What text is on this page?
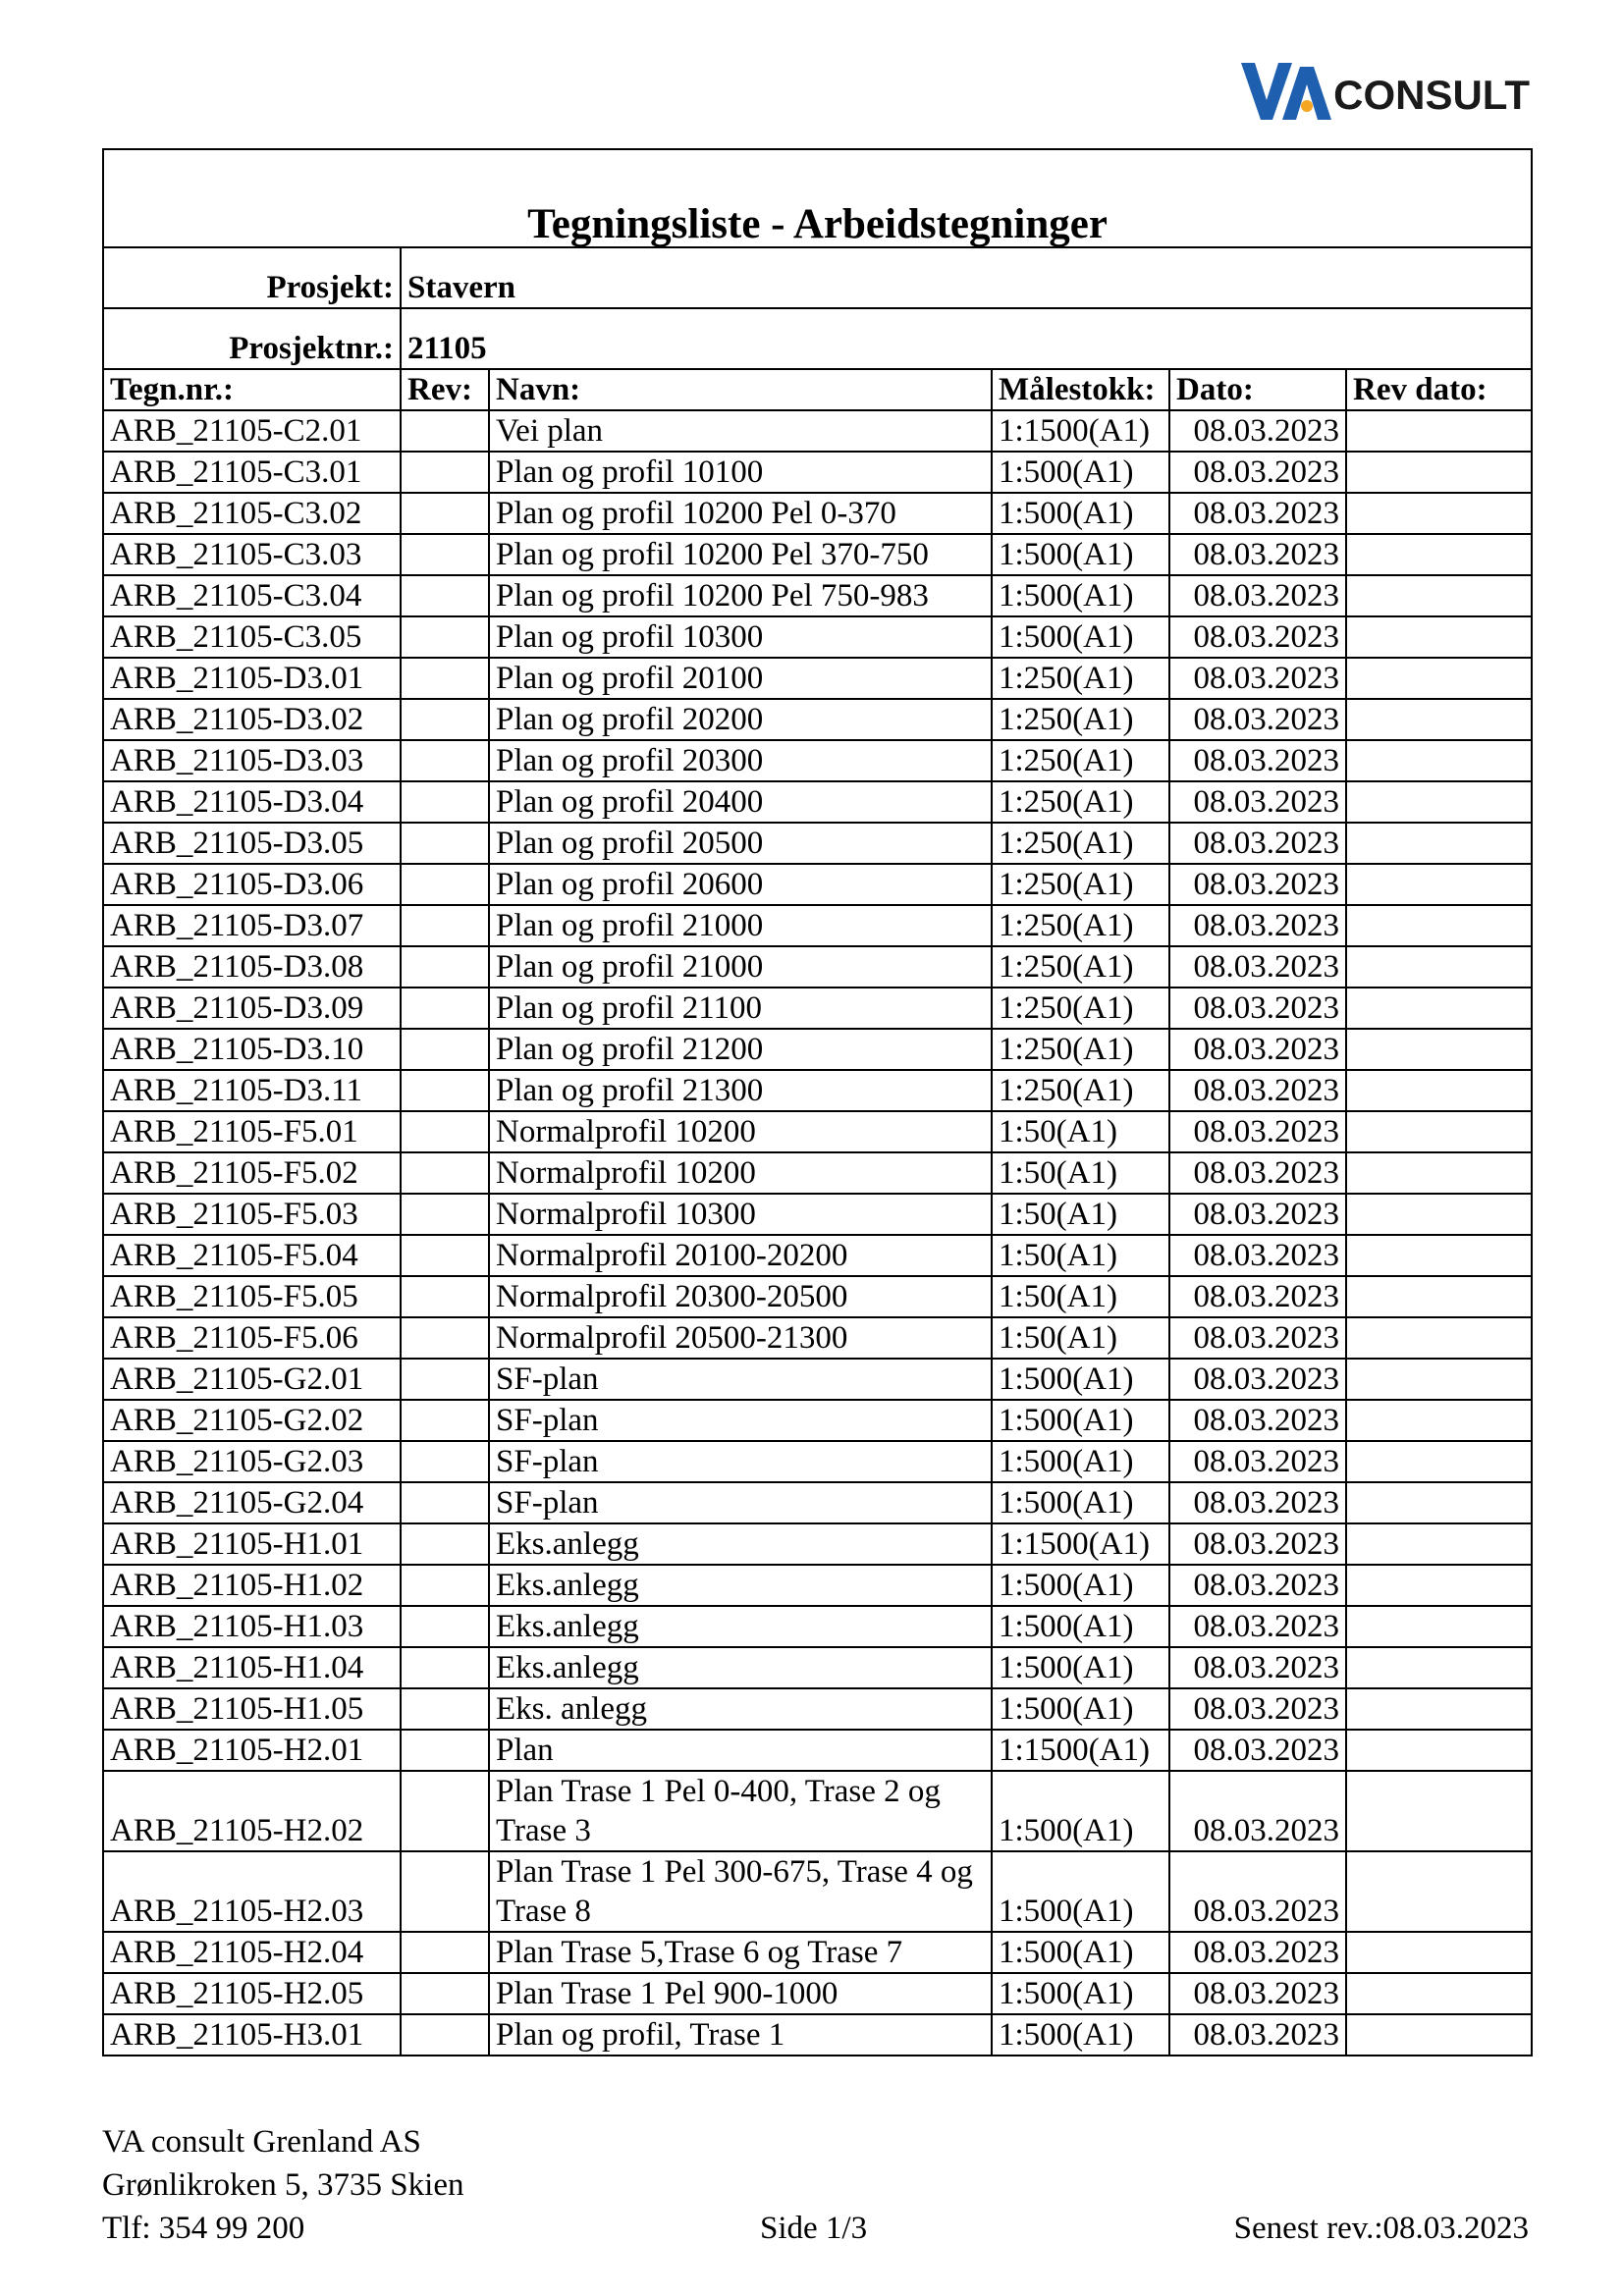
CONSULT
Tegningsliste - Arbeidstegninger					
Prosjekt:	Stavern				
Prosjektnr.:	21105				
Tegn.nr.:	Rev:	Navn:	Målestokk:	Dato:	Rev dato:
ARB_21105-C2.01		Vei plan	1:1500(A1)	08.03.2023	
ARB_21105-C3.01		Plan og profil 10100	1:500(A1)	08.03.2023	
ARB_21105-C3.02		Plan og profil 10200 Pel 0-370	1:500(A1)	08.03.2023	
ARB_21105-C3.03		Plan og profil 10200 Pel 370-750	1:500(A1)	08.03.2023	
ARB_21105-C3.04		Plan og profil 10200 Pel 750-983	1:500(A1)	08.03.2023	
ARB_21105-C3.05		Plan og profil 10300	1:500(A1)	08.03.2023	
ARB_21105-D3.01		Plan og profil 20100	1:250(A1)	08.03.2023	
ARB_21105-D3.02		Plan og profil 20200	1:250(A1)	08.03.2023	
ARB_21105-D3.03		Plan og profil 20300	1:250(A1)	08.03.2023	
ARB_21105-D3.04		Plan og profil 20400	1:250(A1)	08.03.2023	
ARB_21105-D3.05		Plan og profil 20500	1:250(A1)	08.03.2023	
ARB_21105-D3.06		Plan og profil 20600	1:250(A1)	08.03.2023	
ARB_21105-D3.07		Plan og profil 21000	1:250(A1)	08.03.2023	
ARB_21105-D3.08		Plan og profil 21000	1:250(A1)	08.03.2023	
ARB_21105-D3.09		Plan og profil 21100	1:250(A1)	08.03.2023	
ARB_21105-D3.10		Plan og profil 21200	1:250(A1)	08.03.2023	
ARB_21105-D3.11		Plan og profil 21300	1:250(A1)	08.03.2023	
ARB_21105-F5.01		Normalprofil 10200	1:50(A1)	08.03.2023	
ARB_21105-F5.02		Normalprofil 10200	1:50(A1)	08.03.2023	
ARB_21105-F5.03		Normalprofil 10300	1:50(A1)	08.03.2023	
ARB_21105-F5.04		Normalprofil 20100-20200	1:50(A1)	08.03.2023	
ARB_21105-F5.05		Normalprofil 20300-20500	1:50(A1)	08.03.2023	
ARB_21105-F5.06		Normalprofil 20500-21300	1:50(A1)	08.03.2023	
ARB_21105-G2.01		SF-plan	1:500(A1)	08.03.2023	
ARB_21105-G2.02		SF-plan	1:500(A1)	08.03.2023	
ARB_21105-G2.03		SF-plan	1:500(A1)	08.03.2023	
ARB_21105-G2.04		SF-plan	1:500(A1)	08.03.2023	
ARB_21105-H1.01		Eks.anlegg	1:1500(A1)	08.03.2023	
ARB_21105-H1.02		Eks.anlegg	1:500(A1)	08.03.2023	
ARB_21105-H1.03		Eks.anlegg	1:500(A1)	08.03.2023	
ARB_21105-H1.04		Eks.anlegg	1:500(A1)	08.03.2023	
ARB_21105-H1.05		Eks. anlegg	1:500(A1)	08.03.2023	
ARB_21105-H2.01		Plan	1:1500(A1)	08.03.2023	
ARB_21105-H2.02		Plan Trase 1 Pel 0-400, Trase 2 og Trase 3	1:500(A1)	08.03.2023	
ARB_21105-H2.03		Plan Trase 1 Pel 300-675, Trase 4 og Trase 8	1:500(A1)	08.03.2023	
ARB_21105-H2.04		Plan Trase 5,Trase 6 og Trase 7	1:500(A1)	08.03.2023	
ARB_21105-H2.05		Plan Trase 1 Pel 900-1000	1:500(A1)	08.03.2023	
ARB_21105-H3.01		Plan og profil, Trase 1	1:500(A1)	08.03.2023	
VA consult Grenland AS
Grønlikroken 5, 3735 Skien
Tlf: 354 99 200	Side 1/3	Senest rev.:08.03.2023
